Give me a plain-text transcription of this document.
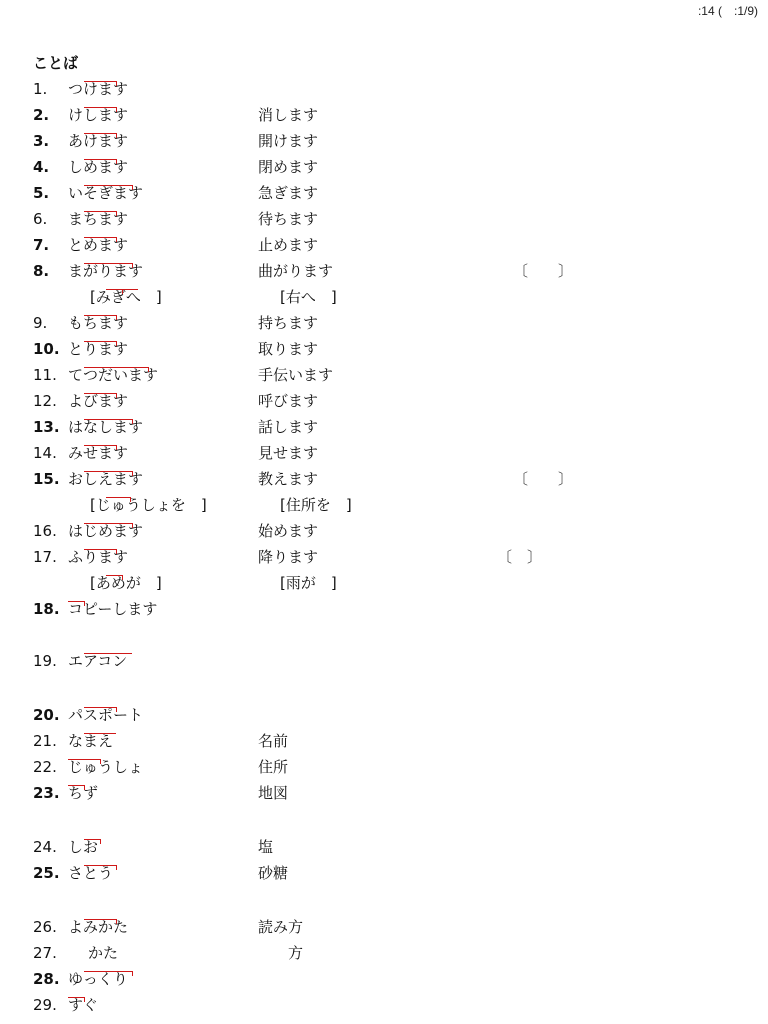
:14 (　:1/9)
ことば
1.	つけます
2.	けします	消します
3.	あけます	開けます
4.	しめます	閉めます
5.	いそぎます	急ぎます
6.	まちます	待ちます
7.	とめます	止めます
8.	まがります	曲がります	〔　　〕
[みぎへ　]	[右へ　]
9.	もちます	持ちます
10. とります	取ります
11. てつだいます	手伝います
12. よびます	呼びます
13. はなします	話します
14. みせます	見せます
15. おしえます	教えます	〔　　〕
[じゅうしょを　]	[住所を　]
16. はじめます	始めます
17. ふります	降ります	〔　〕
[あめが　]	[雨が　]
18. コピーします
19. エアコン
20. パスポート
21. なまえ	名前
22. じゅうしょ	住所
23. ちず	地図
24. しお	塩
25. さとう	砂糖
26. よみかた	読み方
27.	かた	方
28. ゆっくり
29. すぐ
